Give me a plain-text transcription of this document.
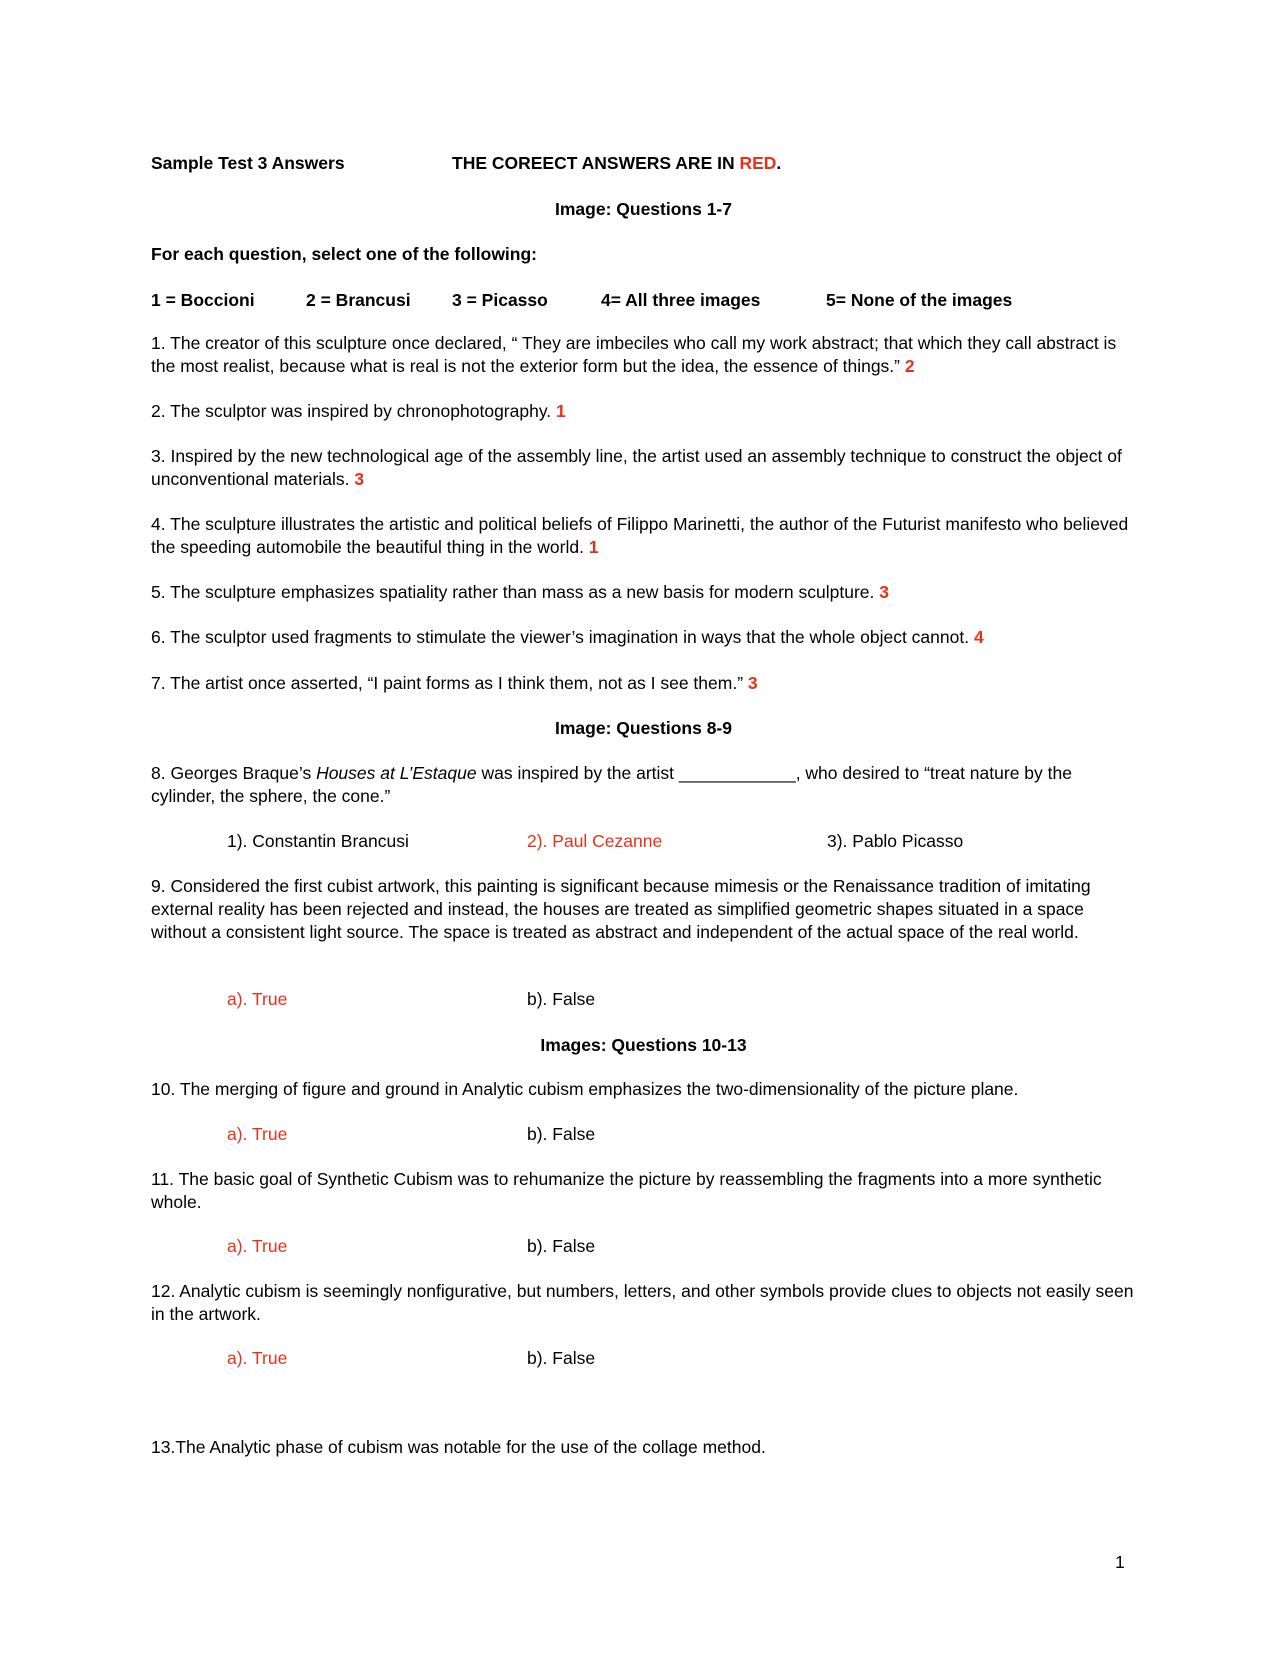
Sample Test 3 Answers	THE COREECT ANSWERS ARE IN RED.
Image: Questions 1-7
For each question, select one of the following:
1 = Boccioni	2 = Brancusi 3 = Picasso	4= All three images	5= None of the images
1. The creator of this sculpture once declared, “ They are imbeciles who call my work abstract; that which they call abstract is the most realist, because what is real is not the exterior form but the idea, the essence of things.” 2
2. The sculptor was inspired by chronophotography. 1
3. Inspired by the new technological age of the assembly line, the artist used an assembly technique to construct the object of unconventional materials. 3
4. The sculpture illustrates the artistic and political beliefs of Filippo Marinetti, the author of the Futurist manifesto who believed the speeding automobile the beautiful thing in the world. 1
5. The sculpture emphasizes spatiality rather than mass as a new basis for modern sculpture. 3
6. The sculptor used fragments to stimulate the viewer’s imagination in ways that the whole object cannot. 4
7. The artist once asserted, “I paint forms as I think them, not as I see them.” 3
Image: Questions 8-9
8. Georges Braque’s Houses at L’Estaque was inspired by the artist ____________, who desired to “treat nature by the cylinder, the sphere, the cone.”
1). Constantin Brancusi	2). Paul Cezanne	3). Pablo Picasso
9. Considered the first cubist artwork, this painting is significant because mimesis or the Renaissance tradition of imitating external reality has been rejected and instead, the houses are treated as simplified geometric shapes situated in a space without a consistent light source. The space is treated as abstract and independent of the actual space of the real world.
a). True	b). False
Images: Questions 10-13
10. The merging of figure and ground in Analytic cubism emphasizes the two-dimensionality of the picture plane.
a). True	b). False
11. The basic goal of Synthetic Cubism was to rehumanize the picture by reassembling the fragments into a more synthetic whole.
a). True	b). False
12. Analytic cubism is seemingly nonfigurative, but numbers, letters, and other symbols provide clues to objects not easily seen in the artwork.
a). True	b). False
13.The Analytic phase of cubism was notable for the use of the collage method.
1
